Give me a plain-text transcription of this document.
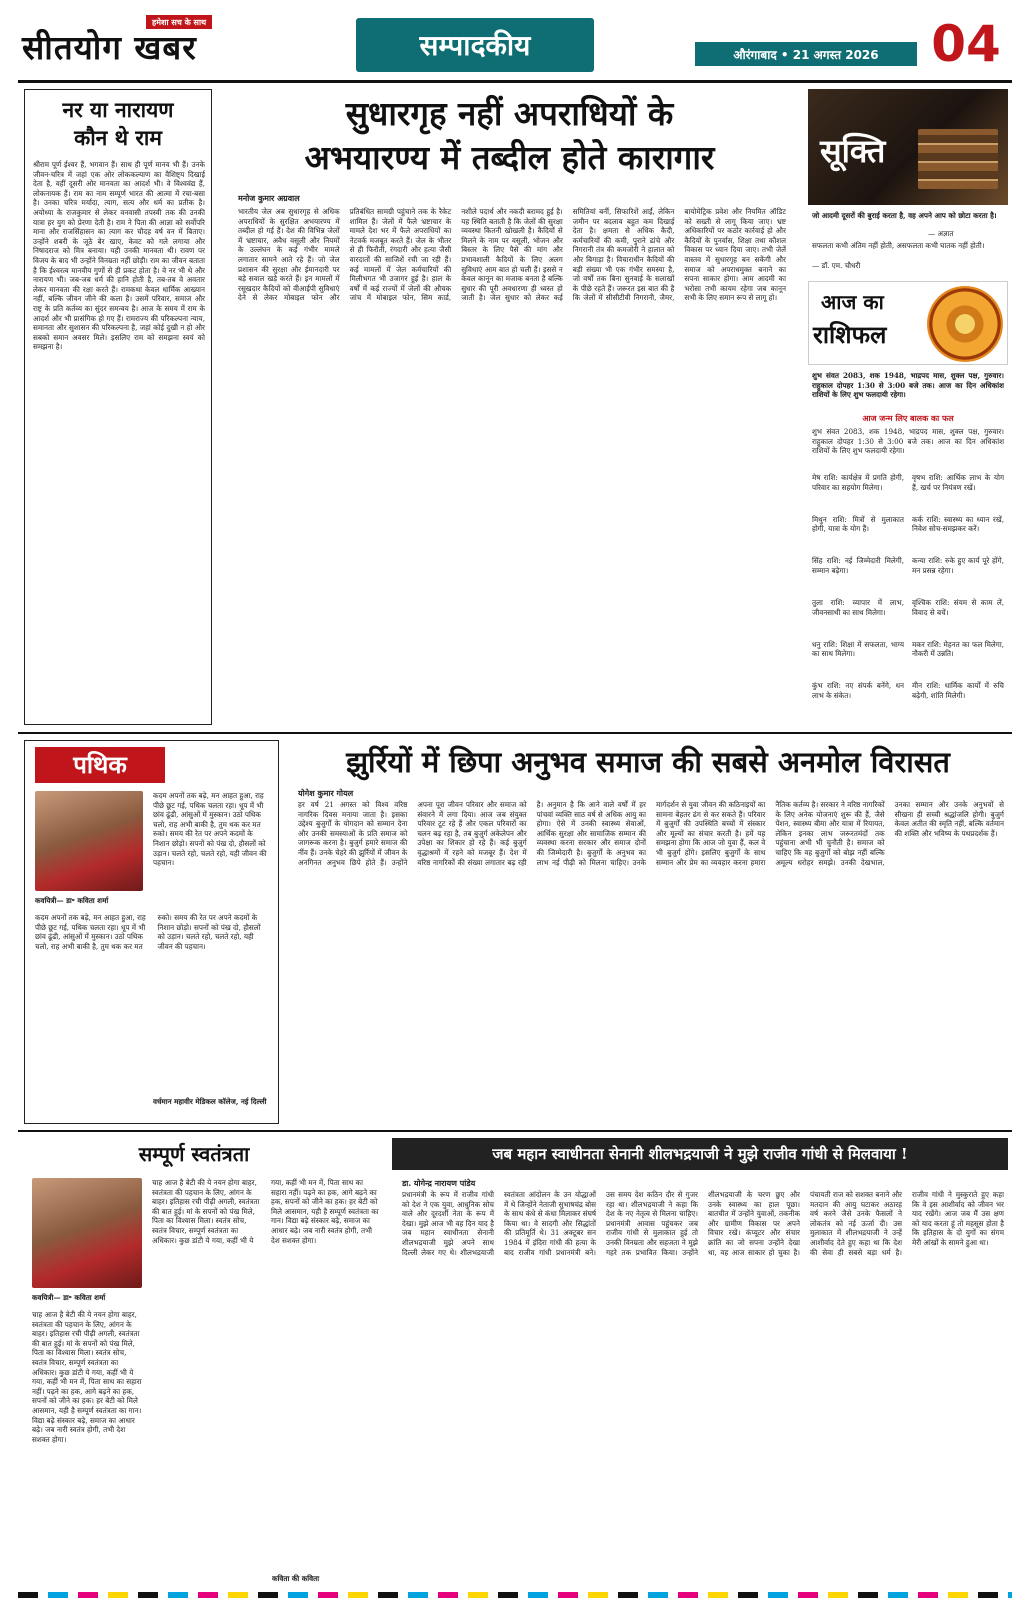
हमेशा सच के साथ
सीतयोग खबर	सम्पादकीय	औरंगाबाद • 21 अगस्त 2026 04
नर या नारायण
कौन थे राम
श्रीराम पूर्ण ईश्वर हैं, भगवान हैं। साथ ही पूर्ण मानव भी हैं। उनके जीवन-चरित्र में जहां एक ओर लोककल्याण का वैशिष्ट्य दिखाई देता है, वहीं दूसरी ओर मानवता का आदर्श भी। वे विश्ववंद्य हैं, लोकनायक हैं। राम का नाम सम्पूर्ण भारत की आत्मा में रचा-बसा है। उनका चरित्र मर्यादा, त्याग, सत्य और धर्म का प्रतीक है। अयोध्या के राजकुमार से लेकर वनवासी तपस्वी तक की उनकी यात्रा हर युग को प्रेरणा देती है। राम ने पिता की आज्ञा को सर्वोपरि माना और राजसिंहासन का त्याग कर चौदह वर्ष वन में बिताए। उन्होंने शबरी के जूठे बेर खाए, केवट को गले लगाया और निषादराज को मित्र बनाया। यही उनकी मानवता थी। रावण पर विजय के बाद भी उन्होंने विनम्रता नहीं छोड़ी। राम का जीवन बताता है कि ईश्वरत्व मानवीय गुणों से ही प्रकट होता है। वे नर भी थे और नारायण भी। जब-जब धर्म की हानि होती है, तब-तब वे अवतार लेकर मानवता की रक्षा करते हैं। रामकथा केवल धार्मिक आख्यान नहीं, बल्कि जीवन जीने की कला है। उसमें परिवार, समाज और राष्ट्र के प्रति कर्तव्य का सुंदर समन्वय है। आज के समय में राम के आदर्श और भी प्रासंगिक हो गए हैं। रामराज्य की परिकल्पना न्याय, समानता और सुशासन की परिकल्पना है, जहां कोई दुखी न हो और सबको समान अवसर मिले। इसलिए राम को समझना स्वयं को समझना है।
सुधारगृह नहीं अपराधियों के
अभयारण्य में तब्दील होते कारागार
मनोज कुमार अग्रवाल
भारतीय जेल अब सुधारगृह से अधिक अपराधियों के सुरक्षित अभयारण्य में तब्दील हो गई हैं। देश की विभिन्न जेलों में भ्रष्टाचार, अवैध वसूली और नियमों के उल्लंघन के कई गंभीर मामले लगातार सामने आते रहे हैं। जो जेल प्रशासन की सुरक्षा और ईमानदारी पर बड़े सवाल खड़े करते हैं। इन मामलों में रसूखदार कैदियों को वीआईपी सुविधाएं देने से लेकर मोबाइल फोन और प्रतिबंधित सामग्री पहुंचाने तक के रैकेट शामिल हैं। जेलों में फैले भ्रष्टाचार के मामले देश भर में फैले अपराधियों का नेटवर्क मजबूत करते हैं। जेल के भीतर से ही फिरौती, रंगदारी और हत्या जैसी वारदातों की साजिशें रची जा रही हैं। कई मामलों में जेल कर्मचारियों की मिलीभगत भी उजागर हुई है। हाल के वर्षों में कई राज्यों में जेलों की औचक जांच में मोबाइल फोन, सिम कार्ड, नशीले पदार्थ और नकदी बरामद हुई है। यह स्थिति बताती है कि जेलों की सुरक्षा व्यवस्था कितनी खोखली है। कैदियों से मिलने के नाम पर वसूली, भोजन और बिस्तर के लिए पैसे की मांग और प्रभावशाली कैदियों के लिए अलग सुविधाएं आम बात हो चली हैं। इससे न केवल कानून का मजाक बनता है बल्कि सुधार की पूरी अवधारणा ही ध्वस्त हो जाती है। जेल सुधार को लेकर कई समितियां बनीं, सिफारिशें आईं, लेकिन जमीन पर बदलाव बहुत कम दिखाई देता है। क्षमता से अधिक कैदी, कर्मचारियों की कमी, पुराने ढांचे और निगरानी तंत्र की कमजोरी ने हालात को और बिगाड़ा है। विचाराधीन कैदियों की बड़ी संख्या भी एक गंभीर समस्या है, जो वर्षों तक बिना सुनवाई के सलाखों के पीछे रहते हैं। जरूरत इस बात की है कि जेलों में सीसीटीवी निगरानी, जैमर, बायोमेट्रिक प्रवेश और नियमित ऑडिट को सख्ती से लागू किया जाए। भ्रष्ट अधिकारियों पर कठोर कार्रवाई हो और कैदियों के पुनर्वास, शिक्षा तथा कौशल विकास पर ध्यान दिया जाए। तभी जेलें वास्तव में सुधारगृह बन सकेंगी और समाज को अपराधमुक्त बनाने का सपना साकार होगा। आम आदमी का भरोसा तभी कायम रहेगा जब कानून सभी के लिए समान रूप से लागू हो।
सूक्ति
जो आदमी दूसरों की बुराई करता है, वह अपने आप को छोटा करता है।
— अज्ञात
सफलता कभी अंतिम नहीं होती, असफलता कभी घातक नहीं होती।
— डॉ. एम. चौधरी
आज का
राशिफल
शुभ संवत 2083, शक 1948, भाद्रपद मास, शुक्ल पक्ष, गुरुवार। राहुकाल दोपहर 1:30 से 3:00 बजे तक। आज का दिन अधिकांश राशियों के लिए शुभ फलदायी रहेगा।
आज जन्म लिए बालक का फल
शुभ संवत 2083, शक 1948, भाद्रपद मास, शुक्ल पक्ष, गुरुवार। राहुकाल दोपहर 1:30 से 3:00 बजे तक। आज का दिन अधिकांश राशियों के लिए शुभ फलदायी रहेगा।
मेष राशि: कार्यक्षेत्र में प्रगति होगी, परिवार का सहयोग मिलेगा।
वृषभ राशि: आर्थिक लाभ के योग हैं, खर्च पर नियंत्रण रखें।
मिथुन राशि: मित्रों से मुलाकात होगी, यात्रा के योग हैं।
कर्क राशि: स्वास्थ्य का ध्यान रखें, निवेश सोच-समझकर करें।
सिंह राशि: नई जिम्मेदारी मिलेगी, सम्मान बढ़ेगा।
कन्या राशि: रुके हुए कार्य पूरे होंगे, मन प्रसन्न रहेगा।
तुला राशि: व्यापार में लाभ, जीवनसाथी का साथ मिलेगा।
वृश्चिक राशि: संयम से काम लें, विवाद से बचें।
धनु राशि: शिक्षा में सफलता, भाग्य का साथ मिलेगा।
मकर राशि: मेहनत का फल मिलेगा, नौकरी में उन्नति।
कुंभ राशि: नए संपर्क बनेंगे, धन लाभ के संकेत।
मीन राशि: धार्मिक कार्यों में रुचि बढ़ेगी, शांति मिलेगी।
पथिक
कवयित्री— डा॰ कविता शर्मा
कदम अपनों तक बढ़े, मन आहत हुआ, राह पीछे छूट गई, पथिक चलता रहा। धूप में भी छांव ढूंढी, आंसुओं में मुस्कान। उठो पथिक चलो, राह अभी बाकी है, तुम थक कर मत रुको। समय की रेत पर अपने कदमों के निशान छोड़ो। सपनों को पंख दो, हौसलों को उड़ान। चलते रहो, चलते रहो, यही जीवन की पहचान।
कदम अपनों तक बढ़े, मन आहत हुआ, राह पीछे छूट गई, पथिक चलता रहा। धूप में भी छांव ढूंढी, आंसुओं में मुस्कान। उठो पथिक चलो, राह अभी बाकी है, तुम थक कर मत रुको। समय की रेत पर अपने कदमों के निशान छोड़ो। सपनों को पंख दो, हौसलों को उड़ान। चलते रहो, चलते रहो, यही जीवन की पहचान।
वर्धमान महावीर मेडिकल कॉलेज, नई दिल्ली
झुर्रियों में छिपा अनुभव समाज की सबसे अनमोल विरासत
योगेश कुमार गोयल
हर वर्ष 21 अगस्त को विश्व वरिष्ठ नागरिक दिवस मनाया जाता है। इसका उद्देश्य बुजुर्गों के योगदान को सम्मान देना और उनकी समस्याओं के प्रति समाज को जागरूक करना है। बुजुर्ग हमारे समाज की नींव हैं। उनके चेहरे की झुर्रियों में जीवन के अनगिनत अनुभव छिपे होते हैं। उन्होंने अपना पूरा जीवन परिवार और समाज को संवारने में लगा दिया। आज जब संयुक्त परिवार टूट रहे हैं और एकल परिवारों का चलन बढ़ रहा है, तब बुजुर्ग अकेलेपन और उपेक्षा का शिकार हो रहे हैं। कई बुजुर्ग वृद्धाश्रमों में रहने को मजबूर हैं। देश में वरिष्ठ नागरिकों की संख्या लगातार बढ़ रही है। अनुमान है कि आने वाले वर्षों में हर पांचवां व्यक्ति साठ वर्ष से अधिक आयु का होगा। ऐसे में उनकी स्वास्थ्य सेवाओं, आर्थिक सुरक्षा और सामाजिक सम्मान की व्यवस्था करना सरकार और समाज दोनों की जिम्मेदारी है। बुजुर्गों के अनुभव का लाभ नई पीढ़ी को मिलना चाहिए। उनके मार्गदर्शन से युवा जीवन की कठिनाइयों का सामना बेहतर ढंग से कर सकते हैं। परिवार में बुजुर्गों की उपस्थिति बच्चों में संस्कार और मूल्यों का संचार करती है। हमें यह समझना होगा कि आज जो युवा हैं, कल वे भी बुजुर्ग होंगे। इसलिए बुजुर्गों के साथ सम्मान और प्रेम का व्यवहार करना हमारा नैतिक कर्तव्य है। सरकार ने वरिष्ठ नागरिकों के लिए अनेक योजनाएं शुरू की हैं, जैसे पेंशन, स्वास्थ्य बीमा और यात्रा में रियायत, लेकिन इनका लाभ जरूरतमंदों तक पहुंचाना अभी भी चुनौती है। समाज को चाहिए कि वह बुजुर्गों को बोझ नहीं बल्कि अमूल्य धरोहर समझे। उनकी देखभाल, उनका सम्मान और उनके अनुभवों से सीखना ही सच्ची श्रद्धांजलि होगी। बुजुर्ग केवल अतीत की स्मृति नहीं, बल्कि वर्तमान की शक्ति और भविष्य के पथप्रदर्शक हैं।
सम्पूर्ण स्वतंत्रता
कवयित्री— डा॰ कविता शर्मा
चाह आज है बेटी की ये नयन होगा बाहर, स्वतंत्रता की पहचान के लिए, आंगन के बाहर। इतिहास रची पीढ़ी अगली, स्वतंत्रता की बात हुई। मां के सपनों को पंख मिले, पिता का विश्वास मिला। स्वतंत्र सोच, स्वतंत्र विचार, सम्पूर्ण स्वतंत्रता का अधिकार। कुछ डांटी ये गया, कहीं भी ये गया, कहीं भी मन में, पिता साथ का सहारा नहीं। पढ़ने का हक, आगे बढ़ने का हक, सपनों को जीने का हक। हर बेटी को मिले आसमान, यही है सम्पूर्ण स्वतंत्रता का गान। विद्या बढ़े संस्कार बढ़े, समाज का आधार बढ़े। जब नारी स्वतंत्र होगी, तभी देश सशक्त होगा।
चाह आज है बेटी की ये नयन होगा बाहर, स्वतंत्रता की पहचान के लिए, आंगन के बाहर। इतिहास रची पीढ़ी अगली, स्वतंत्रता की बात हुई। मां के सपनों को पंख मिले, पिता का विश्वास मिला। स्वतंत्र सोच, स्वतंत्र विचार, सम्पूर्ण स्वतंत्रता का अधिकार। कुछ डांटी ये गया, कहीं भी ये गया, कहीं भी मन में, पिता साथ का सहारा नहीं। पढ़ने का हक, आगे बढ़ने का हक, सपनों को जीने का हक। हर बेटी को मिले आसमान, यही है सम्पूर्ण स्वतंत्रता का गान। विद्या बढ़े संस्कार बढ़े, समाज का आधार बढ़े। जब नारी स्वतंत्र होगी, तभी देश सशक्त होगा।
कविता की कविता
जब महान स्वाधीनता सेनानी शीलभद्रयाजी ने मुझे राजीव गांधी से मिलवाया !
डा. योगेन्द्र नारायण पांडेय
प्रधानमंत्री के रूप में राजीव गांधी को देश ने एक युवा, आधुनिक सोच वाले और दूरदर्शी नेता के रूप में देखा। मुझे आज भी वह दिन याद है जब महान स्वाधीनता सेनानी शीलभद्रयाजी मुझे अपने साथ दिल्ली लेकर गए थे। शीलभद्रयाजी स्वतंत्रता आंदोलन के उन योद्धाओं में थे जिन्होंने नेताजी सुभाषचंद्र बोस के साथ कंधे से कंधा मिलाकर संघर्ष किया था। वे सादगी और सिद्धांतों की प्रतिमूर्ति थे। 31 अक्टूबर सन 1984 में इंदिरा गांधी की हत्या के बाद राजीव गांधी प्रधानमंत्री बने। उस समय देश कठिन दौर से गुजर रहा था। शीलभद्रयाजी ने कहा कि देश के नए नेतृत्व से मिलना चाहिए। प्रधानमंत्री आवास पहुंचकर जब राजीव गांधी से मुलाकात हुई तो उनकी विनम्रता और सहजता ने मुझे गहरे तक प्रभावित किया। उन्होंने शीलभद्रयाजी के चरण छुए और उनके स्वास्थ्य का हाल पूछा। बातचीत में उन्होंने युवाओं, तकनीक और ग्रामीण विकास पर अपने विचार रखे। कंप्यूटर और संचार क्रांति का जो सपना उन्होंने देखा था, वह आज साकार हो चुका है। पंचायती राज को सशक्त बनाने और मतदान की आयु घटाकर अठारह वर्ष करने जैसे उनके फैसलों ने लोकतंत्र को नई ऊर्जा दी। उस मुलाकात में शीलभद्रयाजी ने उन्हें आशीर्वाद देते हुए कहा था कि देश की सेवा ही सबसे बड़ा धर्म है। राजीव गांधी ने मुस्कुराते हुए कहा कि वे इस आशीर्वाद को जीवन भर याद रखेंगे। आज जब मैं उस क्षण को याद करता हूं तो महसूस होता है कि इतिहास के दो युगों का संगम मेरी आंखों के सामने हुआ था।
